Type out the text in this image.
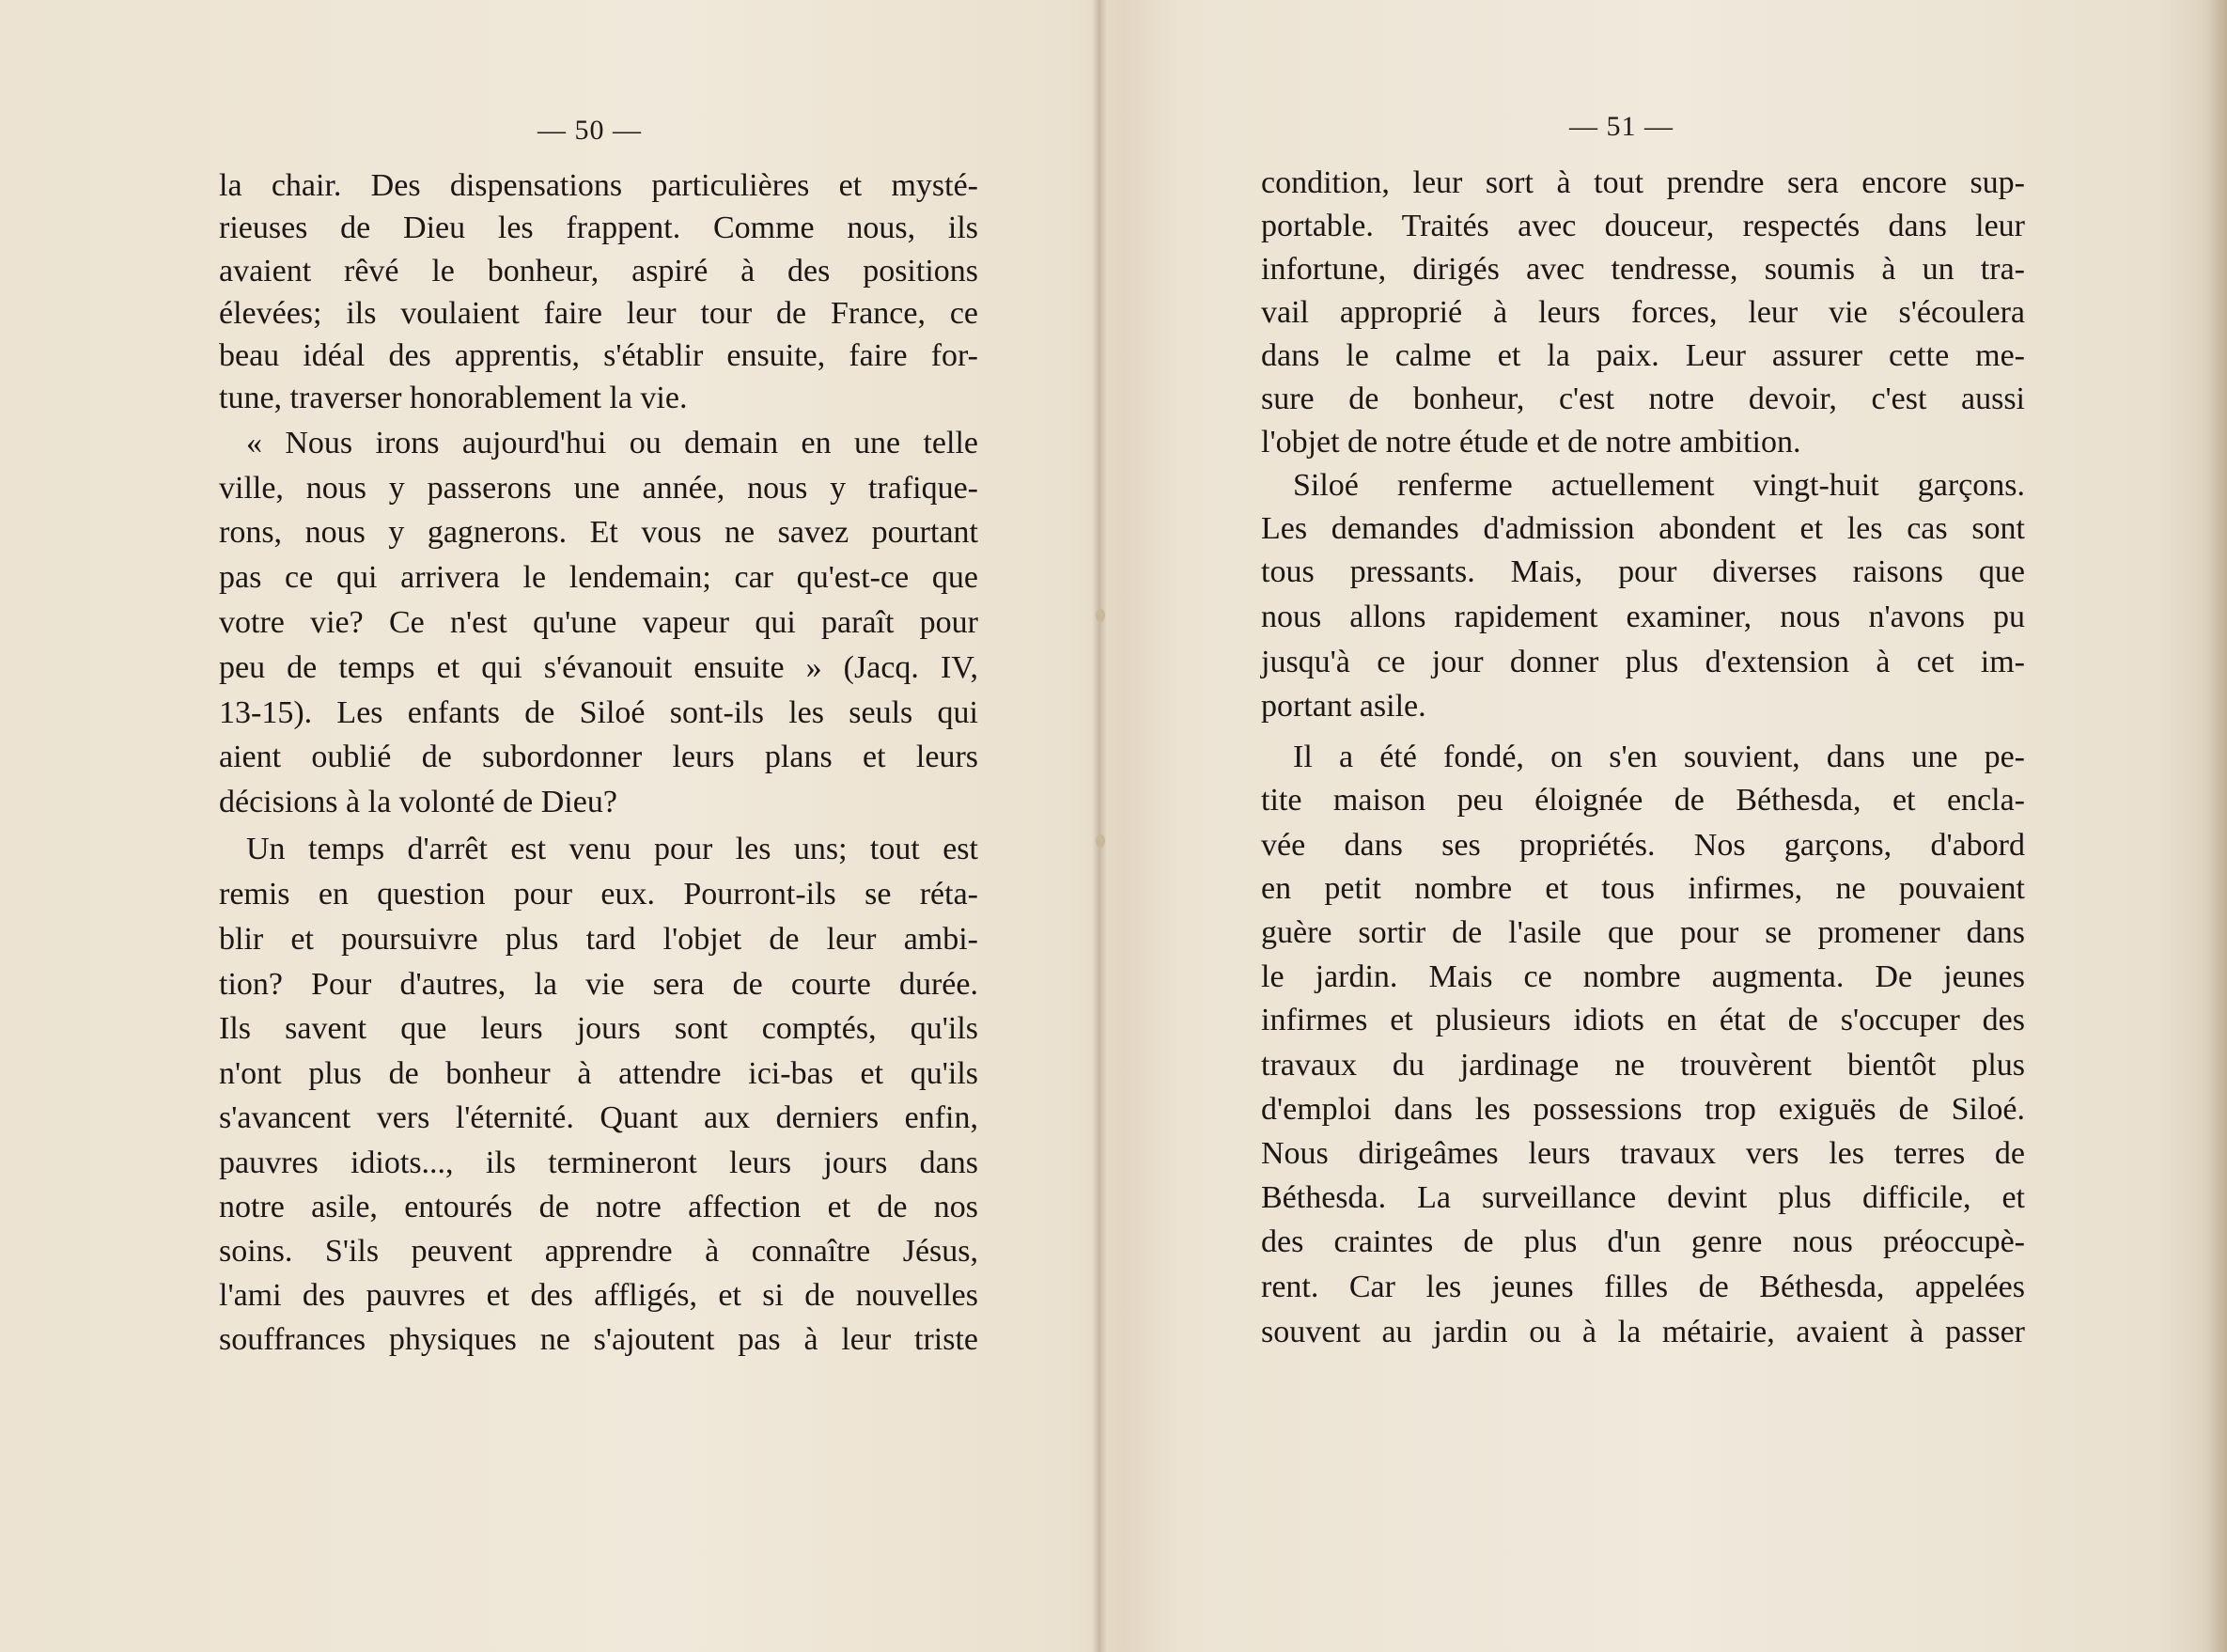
— 50 —
la chair. Des dispensations particulières et mysté-
rieuses de Dieu les frappent. Comme nous, ils
avaient rêvé le bonheur, aspiré à des positions
élevées; ils voulaient faire leur tour de France, ce
beau idéal des apprentis, s'établir ensuite, faire for-
tune, traverser honorablement la vie.
« Nous irons aujourd'hui ou demain en une telle
ville, nous y passerons une année, nous y trafique-
rons, nous y gagnerons. Et vous ne savez pourtant
pas ce qui arrivera le lendemain; car qu'est-ce que
votre vie? Ce n'est qu'une vapeur qui paraît pour
peu de temps et qui s'évanouit ensuite » (Jacq. IV,
13-15). Les enfants de Siloé sont-ils les seuls qui
aient oublié de subordonner leurs plans et leurs
décisions à la volonté de Dieu?
Un temps d'arrêt est venu pour les uns; tout est
remis en question pour eux. Pourront-ils se réta-
blir et poursuivre plus tard l'objet de leur ambi-
tion? Pour d'autres, la vie sera de courte durée.
Ils savent que leurs jours sont comptés, qu'ils
n'ont plus de bonheur à attendre ici-bas et qu'ils
s'avancent vers l'éternité. Quant aux derniers enfin,
pauvres idiots..., ils termineront leurs jours dans
notre asile, entourés de notre affection et de nos
soins. S'ils peuvent apprendre à connaître Jésus,
l'ami des pauvres et des affligés, et si de nouvelles
souffrances physiques ne s'ajoutent pas à leur triste
— 51 —
condition, leur sort à tout prendre sera encore sup-
portable. Traités avec douceur, respectés dans leur
infortune, dirigés avec tendresse, soumis à un tra-
vail approprié à leurs forces, leur vie s'écoulera
dans le calme et la paix. Leur assurer cette me-
sure de bonheur, c'est notre devoir, c'est aussi
l'objet de notre étude et de notre ambition.
Siloé renferme actuellement vingt-huit garçons.
Les demandes d'admission abondent et les cas sont
tous pressants. Mais, pour diverses raisons que
nous allons rapidement examiner, nous n'avons pu
jusqu'à ce jour donner plus d'extension à cet im-
portant asile.
Il a été fondé, on s'en souvient, dans une pe-
tite maison peu éloignée de Béthesda, et encla-
vée dans ses propriétés. Nos garçons, d'abord
en petit nombre et tous infirmes, ne pouvaient
guère sortir de l'asile que pour se promener dans
le jardin. Mais ce nombre augmenta. De jeunes
infirmes et plusieurs idiots en état de s'occuper des
travaux du jardinage ne trouvèrent bientôt plus
d'emploi dans les possessions trop exiguës de Siloé.
Nous dirigeâmes leurs travaux vers les terres de
Béthesda. La surveillance devint plus difficile, et
des craintes de plus d'un genre nous préoccupè-
rent. Car les jeunes filles de Béthesda, appelées
souvent au jardin ou à la métairie, avaient à passer
